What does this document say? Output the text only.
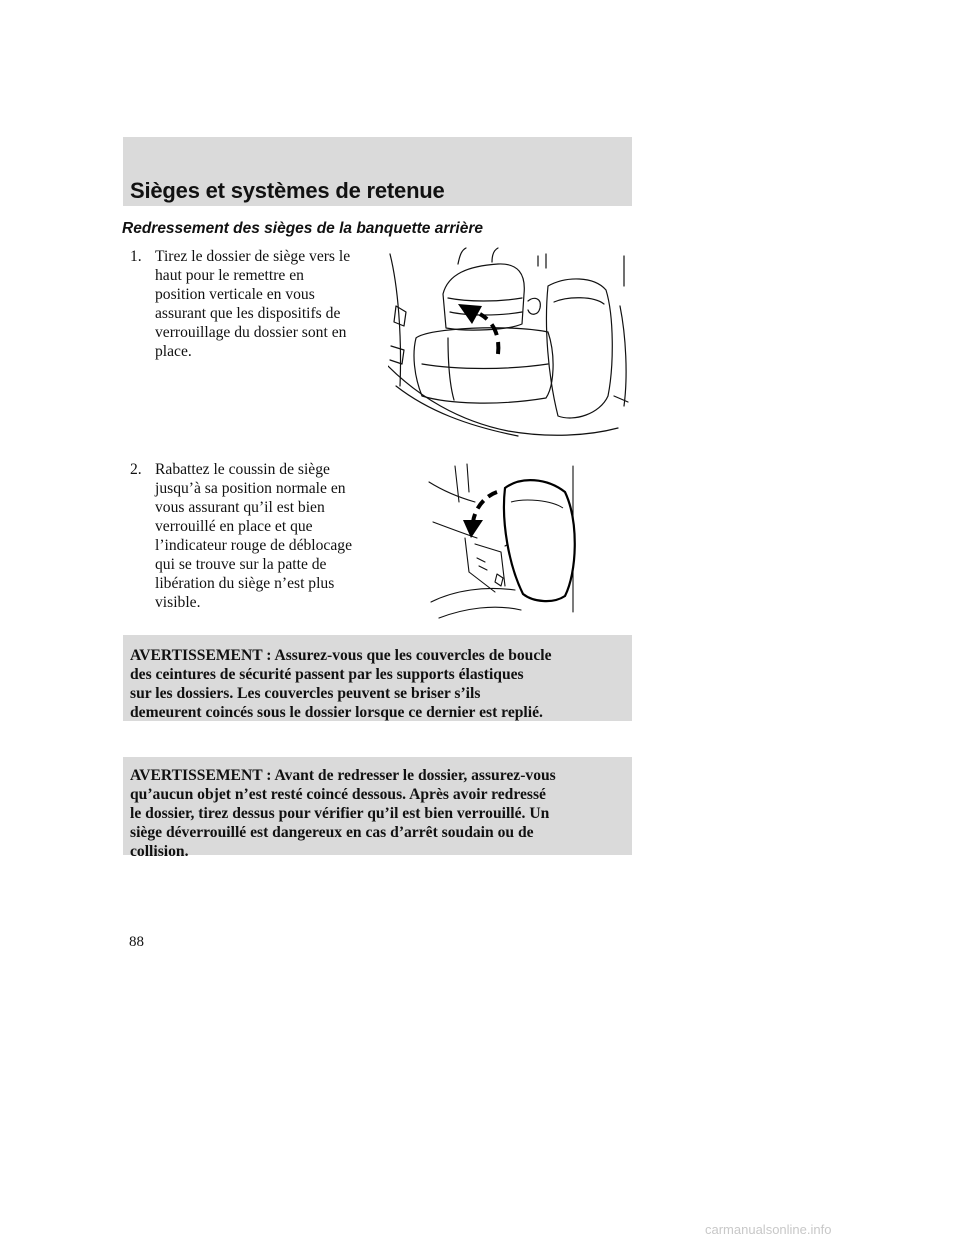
Sièges et systèmes de retenue
Redressement des sièges de la banquette arrière
1. Tirez le dossier de siège vers le
haut pour le remettre en
position verticale en vous
assurant que les dispositifs de
verrouillage du dossier sont en
place.
2. Rabattez le coussin de siège
jusqu’à sa position normale en
vous assurant qu’il est bien
verrouillé en place et que
l’indicateur rouge de déblocage
qui se trouve sur la patte de
libération du siège n’est plus
visible.
AVERTISSEMENT : Assurez-vous que les couvercles de boucle
des ceintures de sécurité passent par les supports élastiques
sur les dossiers. Les couvercles peuvent se briser s’ils
demeurent coincés sous le dossier lorsque ce dernier est replié.
AVERTISSEMENT : Avant de redresser le dossier, assurez-vous
qu’aucun objet n’est resté coincé dessous. Après avoir redressé
le dossier, tirez dessus pour vérifier qu’il est bien verrouillé. Un
siège déverrouillé est dangereux en cas d’arrêt soudain ou de
collision.
88
carmanualsonline.info
